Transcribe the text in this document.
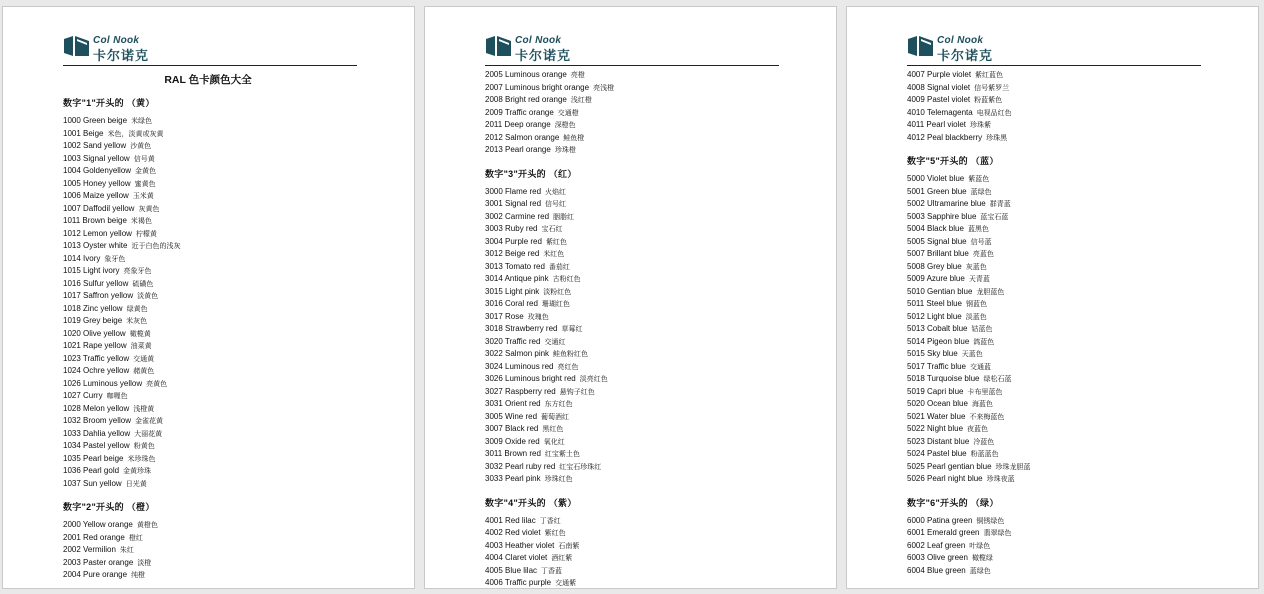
Col Nook
卡尔诺克
RAL 色卡颜色大全
数字"1"开头的 （黄）
1000 Green beige 米绿色
1001 Beige 米色，淡黄或灰黄
1002 Sand yellow 沙黄色
1003 Signal yellow 信号黄
1004 Goldenyellow 金黄色
1005 Honey yellow 蜜黄色
1006 Maize yellow 玉米黄
1007 Daffodil yellow 灰黄色
1011 Brown beige 米褐色
1012 Lemon yellow 柠檬黄
1013 Oyster white 近于白色的浅灰
1014 Ivory 象牙色
1015 Light ivory 亮象牙色
1016 Sulfur yellow 硫磺色
1017 Saffron yellow 淡黄色
1018 Zinc yellow 绿黄色
1019 Grey beige 米灰色
1020 Olive yellow 橄榄黄
1021 Rape yellow 油菜黄
1023 Traffic yellow 交通黄
1024 Ochre yellow 赭黄色
1026 Luminous yellow 亮黄色
1027 Curry 咖喱色
1028 Melon yellow 浅橙黄
1032 Broom yellow 金雀花黄
1033 Dahlia yellow 大丽花黄
1034 Pastel yellow 粉黄色
1035 Pearl beige 米珍珠色
1036 Pearl gold 金黄珍珠
1037 Sun yellow 日光黄
数字"2"开头的 （橙）
2000 Yellow orange 黄橙色
2001 Red orange 橙红
2002 Vermilion 朱红
2003 Paster orange 淡橙
2004 Pure orange 纯橙
Col Nook
卡尔诺克
2005 Luminous orange 亮橙
2007 Luminous bright orange 亮浅橙
2008 Bright red orange 浅红橙
2009 Traffic orange 交通橙
2011 Deep orange 深橙色
2012 Salmon orange 鲑鱼橙
2013 Pearl orange 珍珠橙
数字"3"开头的 （红）
3000 Flame red 火焰红
3001 Signal red 信号红
3002 Carmine red 胭脂红
3003 Ruby red 宝石红
3004 Purple red 紫红色
3012 Beige red 米红色
3013 Tomato red 番茄红
3014 Antique pink 古粉红色
3015 Light pink 淡粉红色
3016 Coral red 珊瑚红色
3017 Rose 玫瑰色
3018 Strawberry red 草莓红
3020 Traffic red 交通红
3022 Salmon pink 鲑鱼粉红色
3024 Luminous red 亮红色
3026 Luminous bright red 淡亮红色
3027 Raspberry red 悬钩子红色
3031 Orient red 东方红色
3005 Wine red 葡萄酒红
3007 Black red 黑红色
3009 Oxide red 氧化红
3011 Brown red 红宝紫土色
3032 Pearl ruby red 红宝石珍珠红
3033 Pearl pink 珍珠红色
数字"4"开头的 （紫）
4001 Red lilac 丁香红
4002 Red violet 紫红色
4003 Heather violet 石南紫
4004 Claret violet 酒红紫
4005 Blue lilac 丁香蓝
4006 Traffic purple 交通紫
Col Nook
卡尔诺克
4007 Purple violet 紫红蓝色
4008 Signal violet 信号紫罗兰
4009 Pastel violet 粉蓝紫色
4010 Telemagenta 电视品红色
4011 Pearl violet 珍珠紫
4012 Peal blackberry 珍珠黑
数字"5"开头的 （蓝）
5000 Violet blue 紫蓝色
5001 Green blue 蓝绿色
5002 Ultramarine blue 群青蓝
5003 Sapphire blue 蓝宝石蓝
5004 Black blue 蓝黑色
5005 Signal blue 信号蓝
5007 Brillant blue 亮蓝色
5008 Grey blue 灰蓝色
5009 Azure blue 天青蓝
5010 Gentian blue 龙胆蓝色
5011 Steel blue 钢蓝色
5012 Light blue 淡蓝色
5013 Cobalt blue 钴蓝色
5014 Pigeon blue 鸽蓝色
5015 Sky blue 天蓝色
5017 Traffic blue 交通蓝
5018 Turquoise blue 绿松石蓝
5019 Capri blue 卡布里蓝色
5020 Ocean blue 海蓝色
5021 Water blue 不来梅蓝色
5022 Night blue 夜蓝色
5023 Distant blue 冷蓝色
5024 Pastel blue 粉蓝蓝色
5025 Pearl gentian blue 珍珠龙胆蓝
5026 Pearl night blue 珍珠夜蓝
数字"6"开头的 （绿）
6000 Patina green 铜锈绿色
6001 Emerald green 翡翠绿色
6002 Leaf green 叶绿色
6003 Olive green 橄榄绿
6004 Blue green 蓝绿色
